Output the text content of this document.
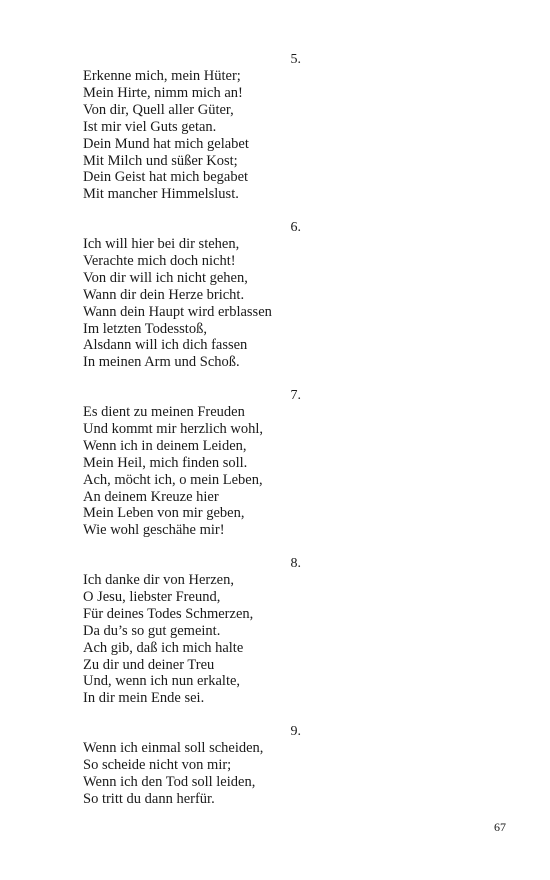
5.
Erkenne mich, mein Hüter;
Mein Hirte, nimm mich an!
Von dir, Quell aller Güter,
Ist mir viel Guts getan.
Dein Mund hat mich gelabet
Mit Milch und süßer Kost;
Dein Geist hat mich begabet
Mit mancher Himmelslust.
6.
Ich will hier bei dir stehen,
Verachte mich doch nicht!
Von dir will ich nicht gehen,
Wann dir dein Herze bricht.
Wann dein Haupt wird erblassen
Im letzten Todesstoß,
Alsdann will ich dich fassen
In meinen Arm und Schoß.
7.
Es dient zu meinen Freuden
Und kommt mir herzlich wohl,
Wenn ich in deinem Leiden,
Mein Heil, mich finden soll.
Ach, möcht ich, o mein Leben,
An deinem Kreuze hier
Mein Leben von mir geben,
Wie wohl geschähe mir!
8.
Ich danke dir von Herzen,
O Jesu, liebster Freund,
Für deines Todes Schmerzen,
Da du’s so gut gemeint.
Ach gib, daß ich mich halte
Zu dir und deiner Treu
Und, wenn ich nun erkalte,
In dir mein Ende sei.
9.
Wenn ich einmal soll scheiden,
So scheide nicht von mir;
Wenn ich den Tod soll leiden,
So tritt du dann herfür.
67
